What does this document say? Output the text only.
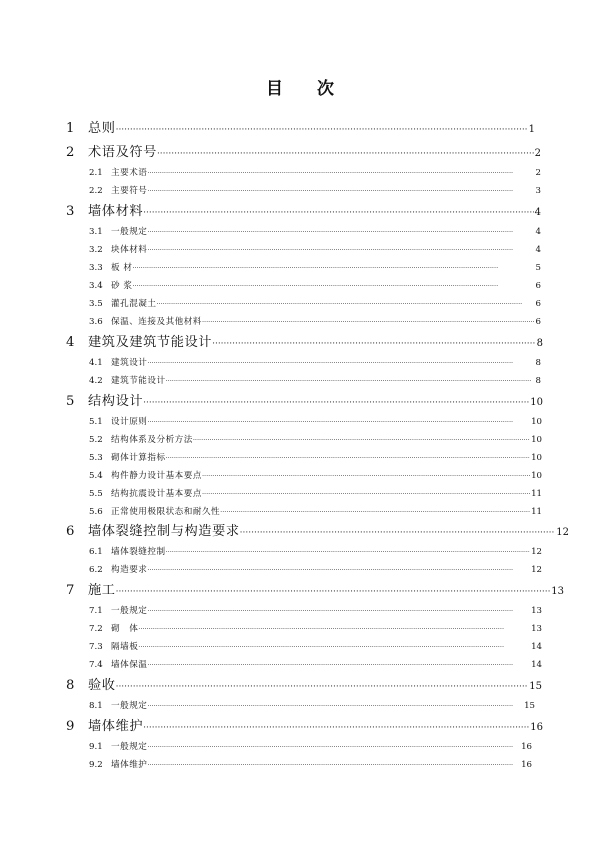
目 次
1	总则 ·····	1
2	术语及符号 ·····	2
2.1 主要术语 ·····	2
2.2 主要符号 ·····	3
3	墙体材料 ·····	4
3.1 一般规定 ·····	4
3.2 块体材料 ·····	4
3.3 板 材 ·····	5
3.4 砂 浆 ·····	6
3.5 灌孔混凝土 ·····	6
3.6 保温、连接及其他材料 ·····	6
4	建筑及建筑节能设计 ·····	8
4.1 建筑设计 ·····	8
4.2 建筑节能设计 ·····	8
5	结构设计 ·····	10
5.1 设计原则 ·····	10
5.2 结构体系及分析方法 ·····	10
5.3 砌体计算指标 ·····	10
5.4 构件静力设计基本要点 ·····	10
5.5 结构抗震设计基本要点 ·····	11
5.6 正常使用极限状态和耐久性 ·····	11
6	墙体裂缝控制与构造要求 ·····	12
6.1 墙体裂缝控制 ·····	12
6.2 构造要求 ·····	12
7	施工 ·····	13
7.1 一般规定 ·····	13
7.2 砌　体 ·····	13
7.3 隔墙板 ·····	14
7.4 墙体保温 ·····	14
8	验收 ·····	15
8.1 一般规定 ·····	15
9	墙体维护 ·····	16
9.1 一般规定 ·····	16
9.2 墙体维护 ·····	16
